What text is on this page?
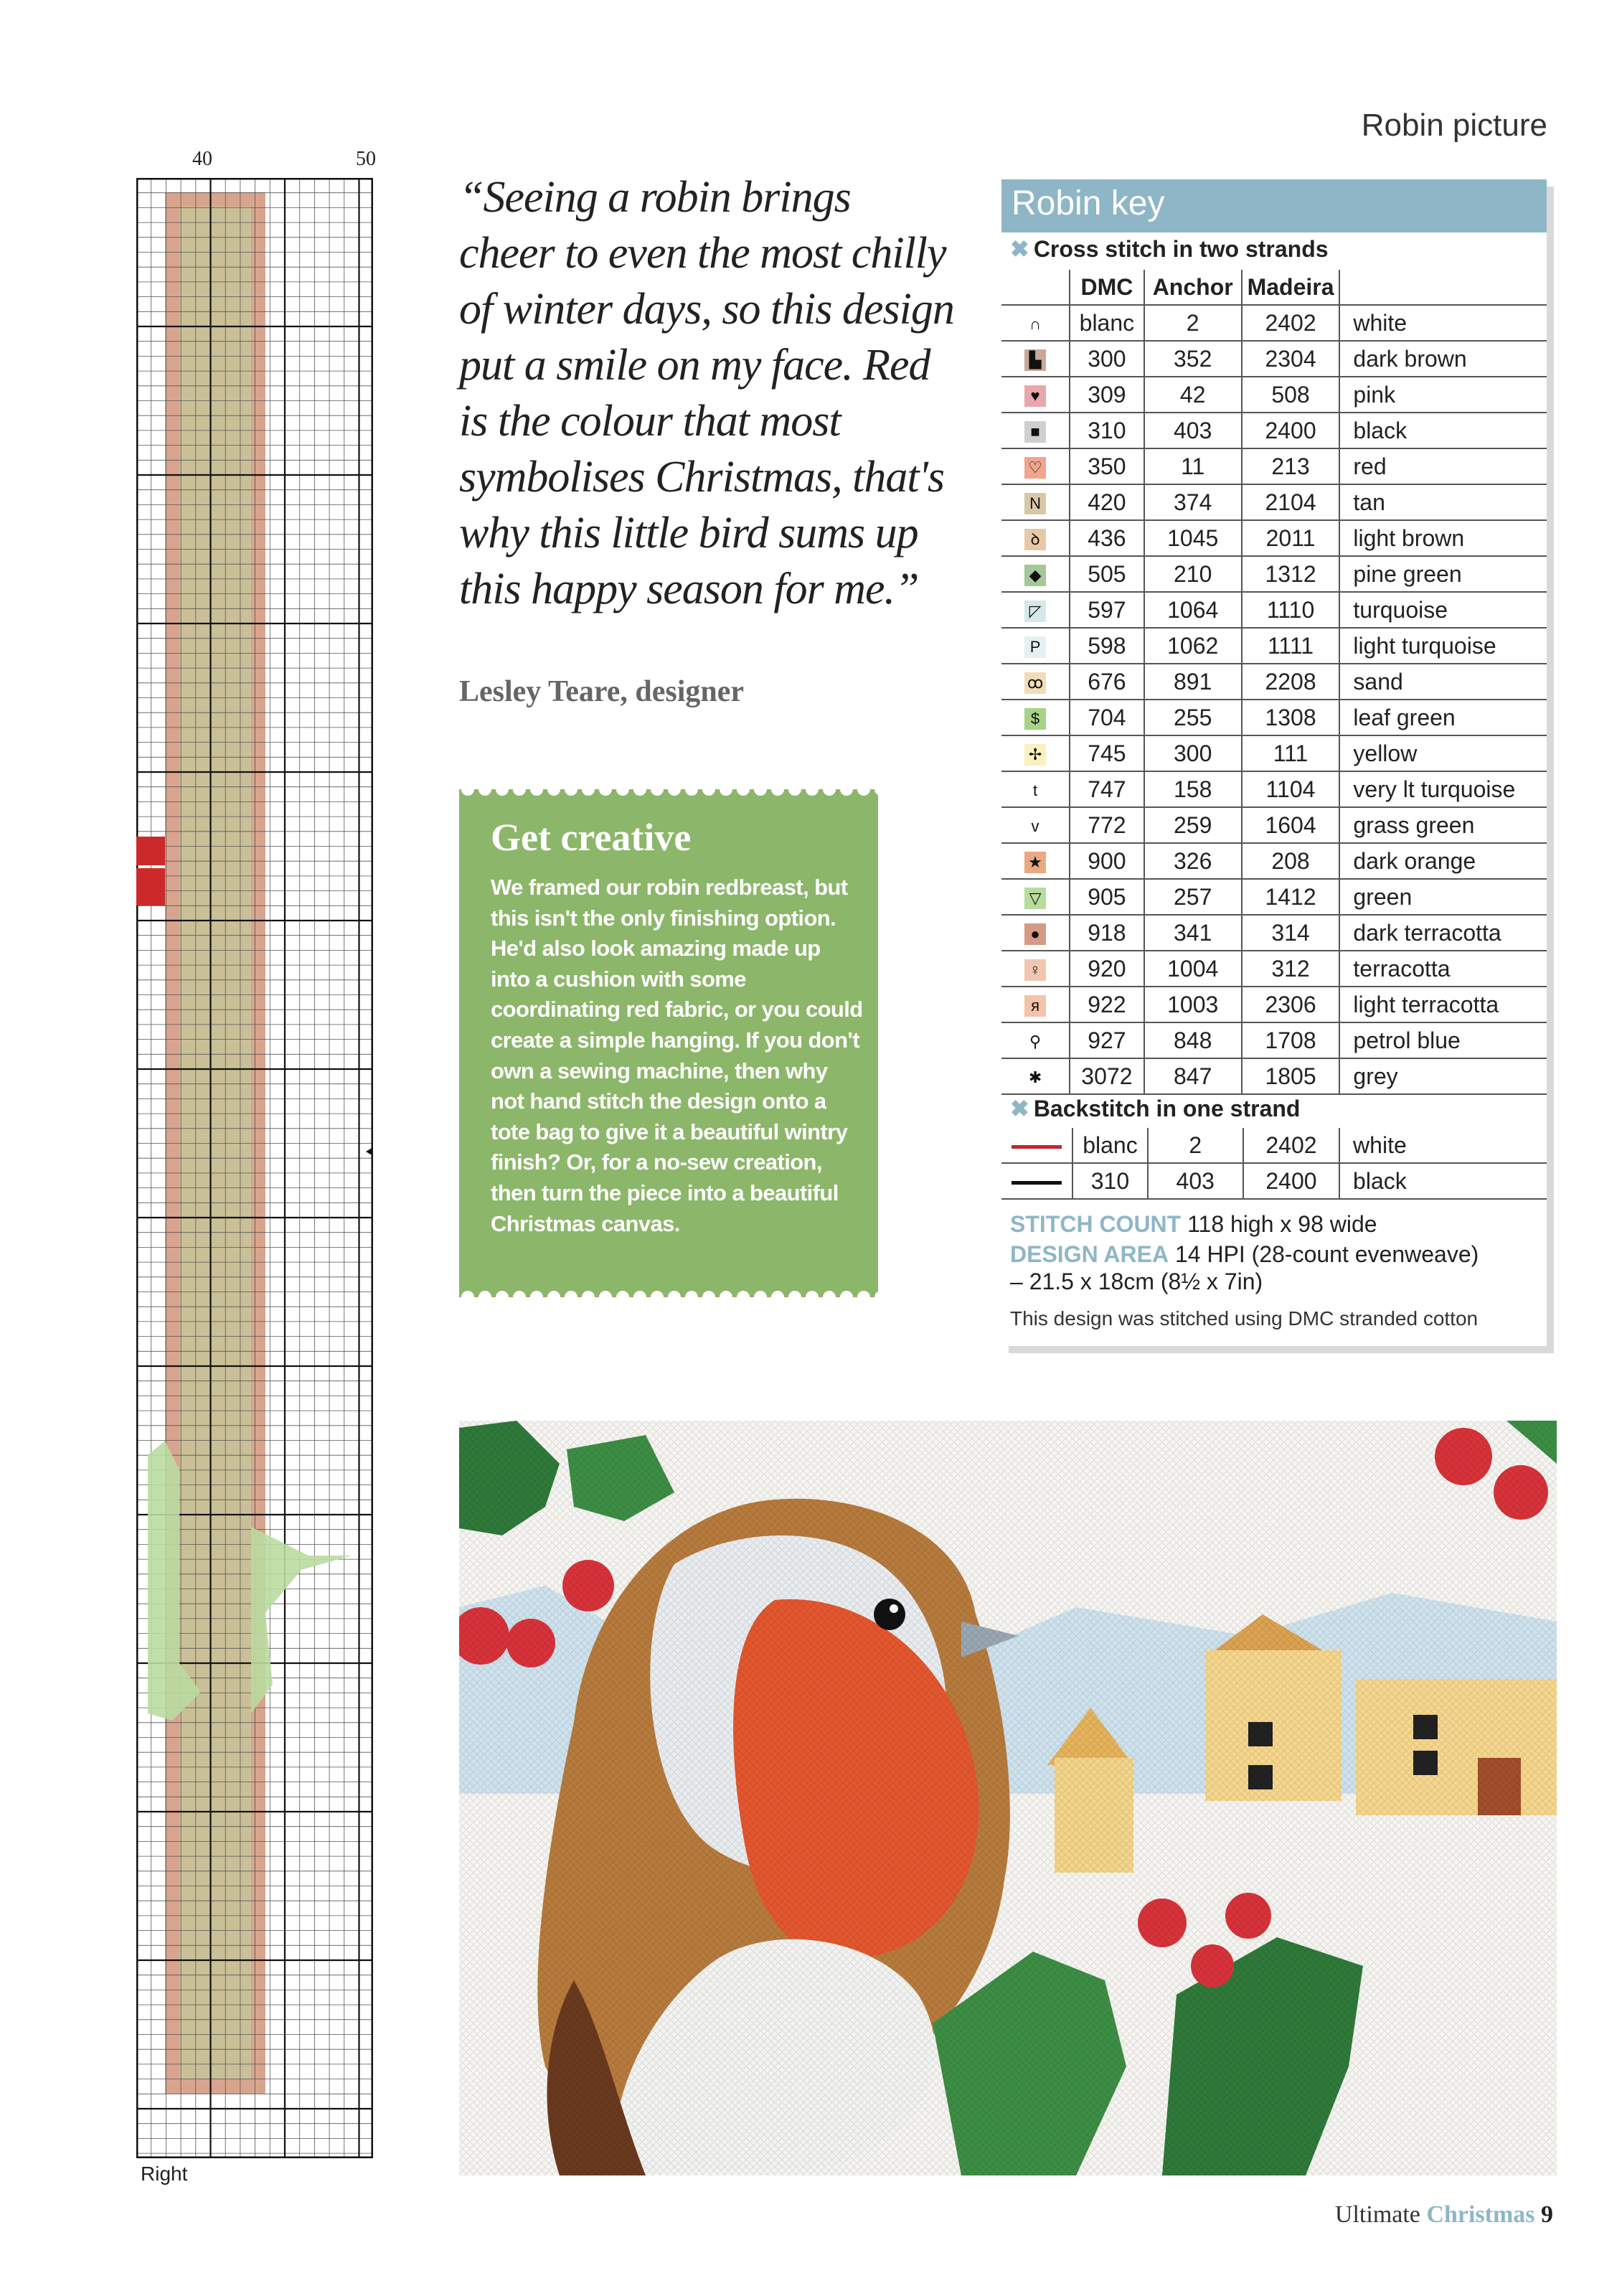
Robin picture
40	50
Right
“Seeing a robin brings cheer to even the most chilly of winter days, so this design put a smile on my face. Red is the colour that most symbolises Christmas, that's why this little bird sums up this happy season for me.”
Lesley Teare, designer
Get creative
We framed our robin redbreast, but this isn't the only finishing option. He'd also look amazing made up into a cushion with some coordinating red fabric, or you could create a simple hanging. If you don't own a sewing machine, then why not hand stitch the design onto a tote bag to give it a beautiful wintry finish? Or, for a no-sew creation, then turn the piece into a beautiful Christmas canvas.
Robin key
✖ Cross stitch in two strands
	DMC	Anchor	Madeira	
∩	blanc	2	2402	white
▙	300	352	2304	dark brown
♥	309	42	508	pink
■	310	403	2400	black
♡	350	11	213	red
N	420	374	2104	tan
ꝺ	436	1045	2011	light brown
◆	505	210	1312	pine green
◸	597	1064	1110	turquoise
P	598	1062	1111	light turquoise
ꝏ	676	891	2208	sand
$	704	255	1308	leaf green
✢	745	300	111	yellow
t	747	158	1104	very lt turquoise
v	772	259	1604	grass green
★	900	326	208	dark orange
▽	905	257	1412	green
●	918	341	314	dark terracotta
♀	920	1004	312	terracotta
я	922	1003	2306	light terracotta
⚲	927	848	1708	petrol blue
✱	3072	847	1805	grey
✖ Backstitch in one strand
	blanc	2	2402	white
	310	403	2400	black
STITCH COUNT 118 high x 98 wide
DESIGN AREA 14 HPI (28-count evenweave)
– 21.5 x 18cm (8½ x 7in)
This design was stitched using DMC stranded cotton
Ultimate Christmas 9
